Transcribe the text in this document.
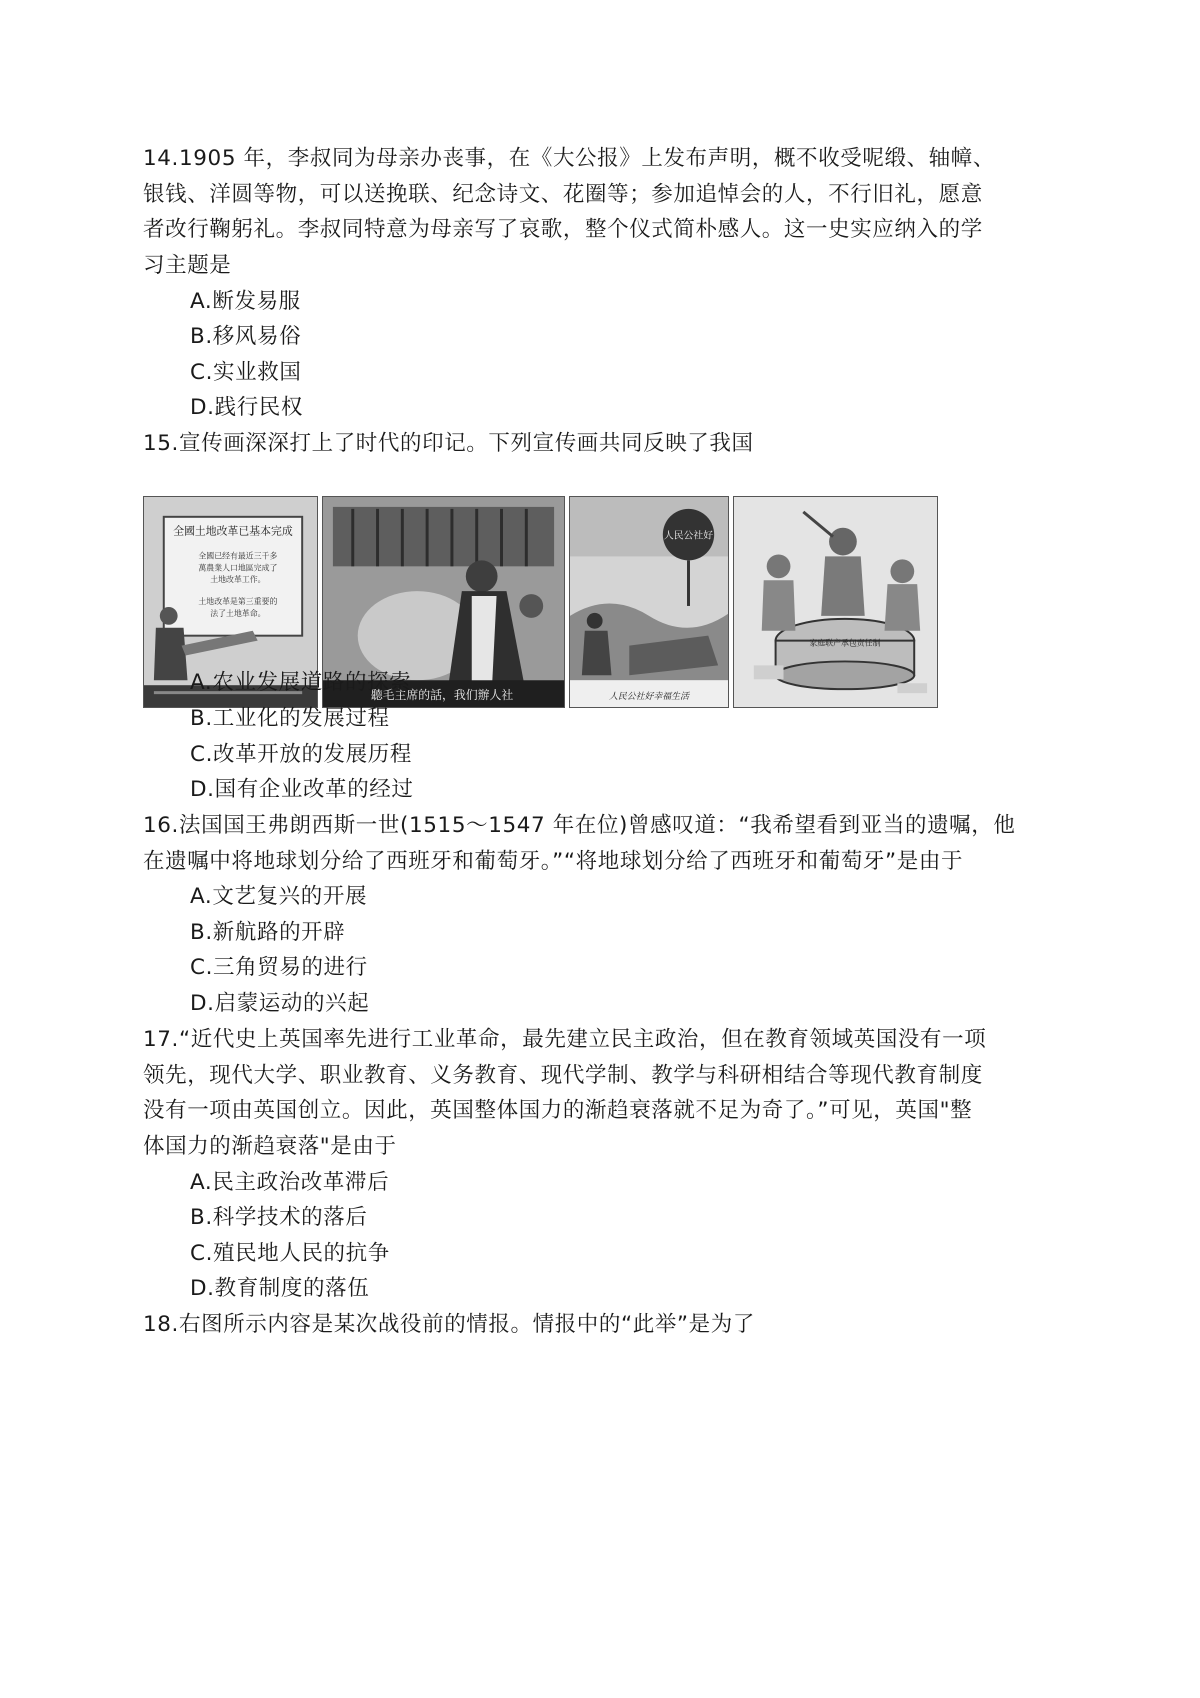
14.1905 年，李叔同为母亲办丧事，在《大公报》上发布声明，概不收受呢缎、轴幛、
银钱、洋圆等物，可以送挽联、纪念诗文、花圈等；参加追悼会的人，不行旧礼，愿意
者改行鞠躬礼。李叔同特意为母亲写了哀歌，整个仪式简朴感人。这一史实应纳入的学
习主题是
A.断发易服
B.移风易俗
C.实业救国
D.践行民权
15.宣传画深深打上了时代的印记。下列宣传画共同反映了我国
全國土地改革已基本完成
全國已经有最近三千多
萬農業人口地區完成了
土地改革工作。
土地改革是第三重要的
法了土地革命。
聽毛主席的話，我们辦人社
人民公社好
人民公社好幸福生活
家庭联产承包责任制
A.农业发展道路的探索
B.工业化的发展过程
C.改革开放的发展历程
D.国有企业改革的经过
16.法国国王弗朗西斯一世(1515～1547 年在位)曾感叹道：“我希望看到亚当的遗嘱，他
在遗嘱中将地球划分给了西班牙和葡萄牙。”“将地球划分给了西班牙和葡萄牙”是由于
A.文艺复兴的开展
B.新航路的开辟
C.三角贸易的进行
D.启蒙运动的兴起
17.“近代史上英国率先进行工业革命，最先建立民主政治，但在教育领域英国没有一项
领先，现代大学、职业教育、义务教育、现代学制、教学与科研相结合等现代教育制度
没有一项由英国创立。因此，英国整体国力的渐趋衰落就不足为奇了。”可见，英国"整
体国力的渐趋衰落"是由于
A.民主政治改革滞后
B.科学技术的落后
C.殖民地人民的抗争
D.教育制度的落伍
18.右图所示内容是某次战役前的情报。情报中的“此举”是为了
